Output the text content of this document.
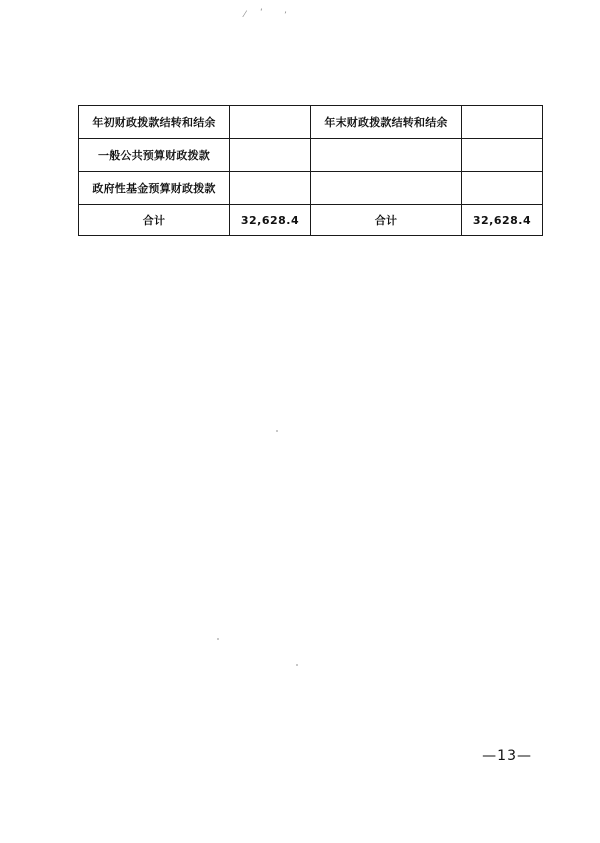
⁄ ʻ ʼ
年初财政拨款结转和结余		年末财政拨款结转和结余	
一般公共预算财政拨款			
政府性基金预算财政拨款			
合计	32,628.4	合计	32,628.4
—13—
